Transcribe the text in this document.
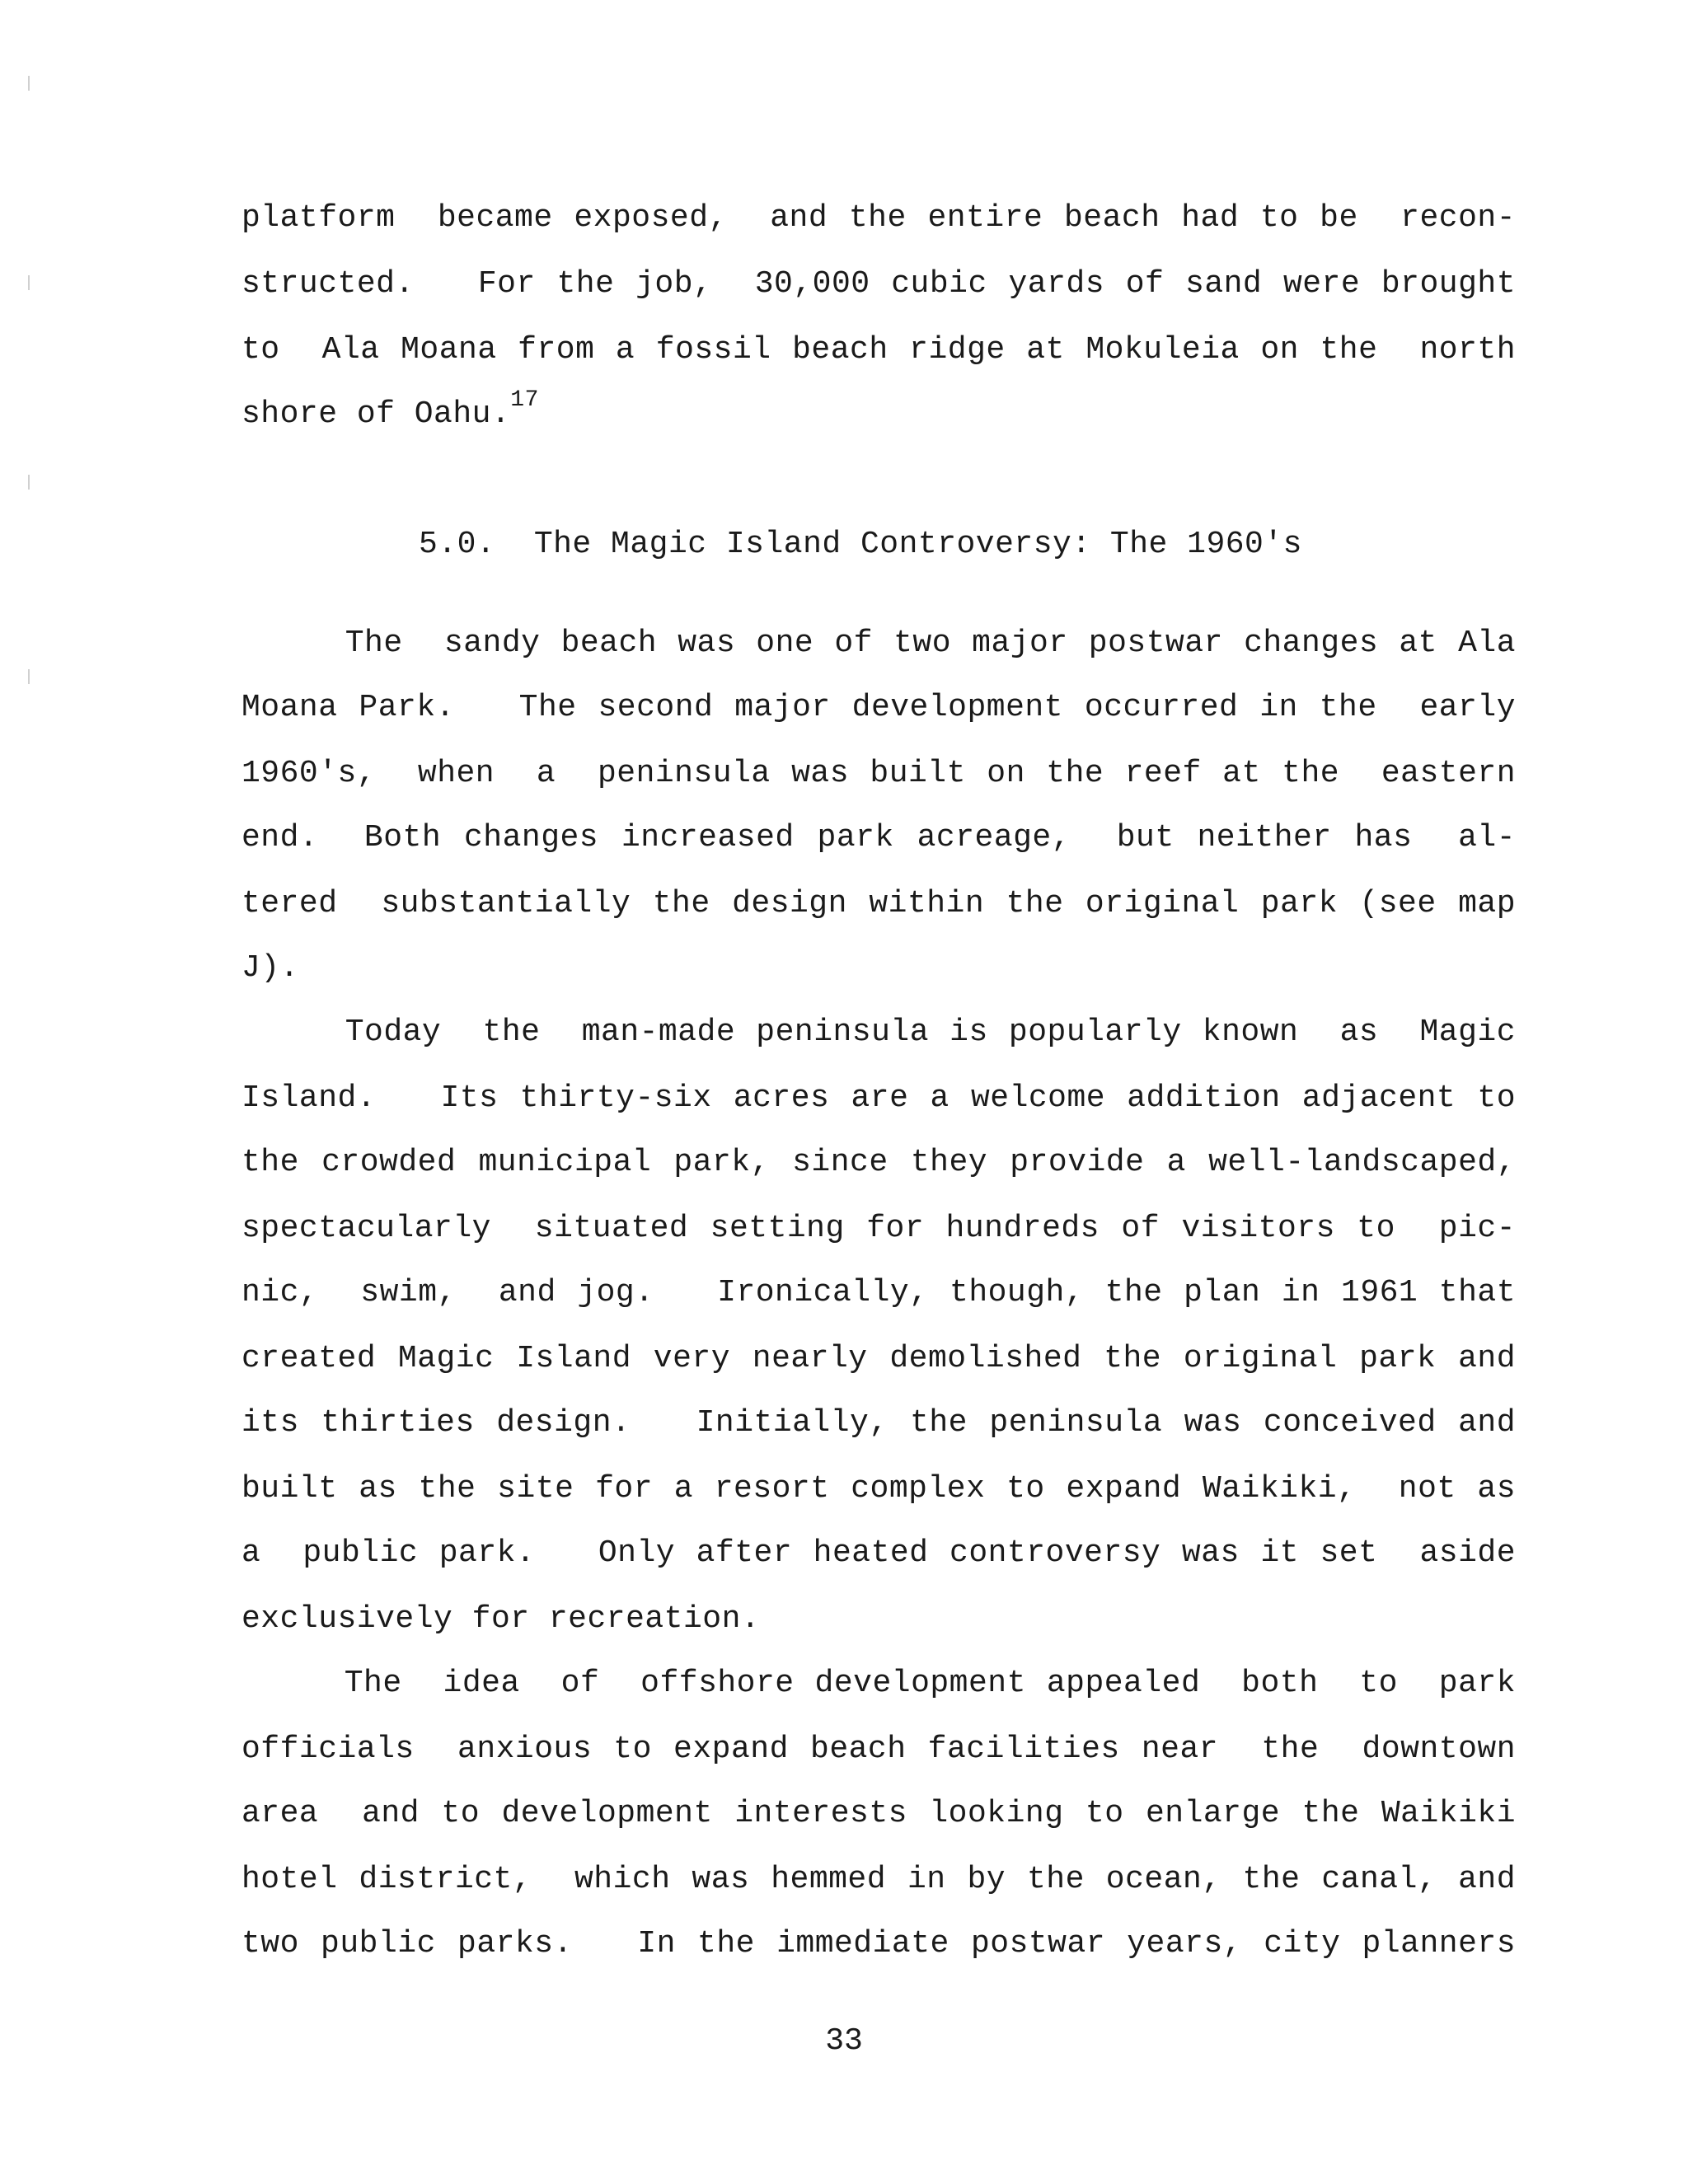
platform  became exposed,  and the entire beach had to be  recon-
structed.   For the job,  30,000 cubic yards of sand were brought
to  Ala Moana from a fossil beach ridge at Mokuleia on the  north
shore of Oahu.$^{17}$
5.0.  The Magic Island Controversy: The 1960's
The  sandy beach was one of two major postwar changes at Ala
Moana Park.   The second major development occurred in the  early
1960's,  when  a  peninsula was built on the reef at the  eastern
end.  Both changes increased park acreage,  but neither has  al-
tered  substantially the design within the original park (see map
J).
Today  the  man-made peninsula is popularly known  as  Magic
Island.   Its thirty-six acres are a welcome addition adjacent to
the crowded municipal park, since they provide a well-landscaped,
spectacularly  situated setting for hundreds of visitors to  pic-
nic,  swim,  and jog.   Ironically, though, the plan in 1961 that
created Magic Island very nearly demolished the original park and
its thirties design.   Initially, the peninsula was conceived and
built as the site for a resort complex to expand Waikiki,  not as
a  public park.   Only after heated controversy was it set  aside
exclusively for recreation.
The  idea  of  offshore development appealed  both  to  park
officials  anxious to expand beach facilities near  the  downtown
area  and to development interests looking to enlarge the Waikiki
hotel district,  which was hemmed in by the ocean, the canal, and
two public parks.   In the immediate postwar years, city planners
33
